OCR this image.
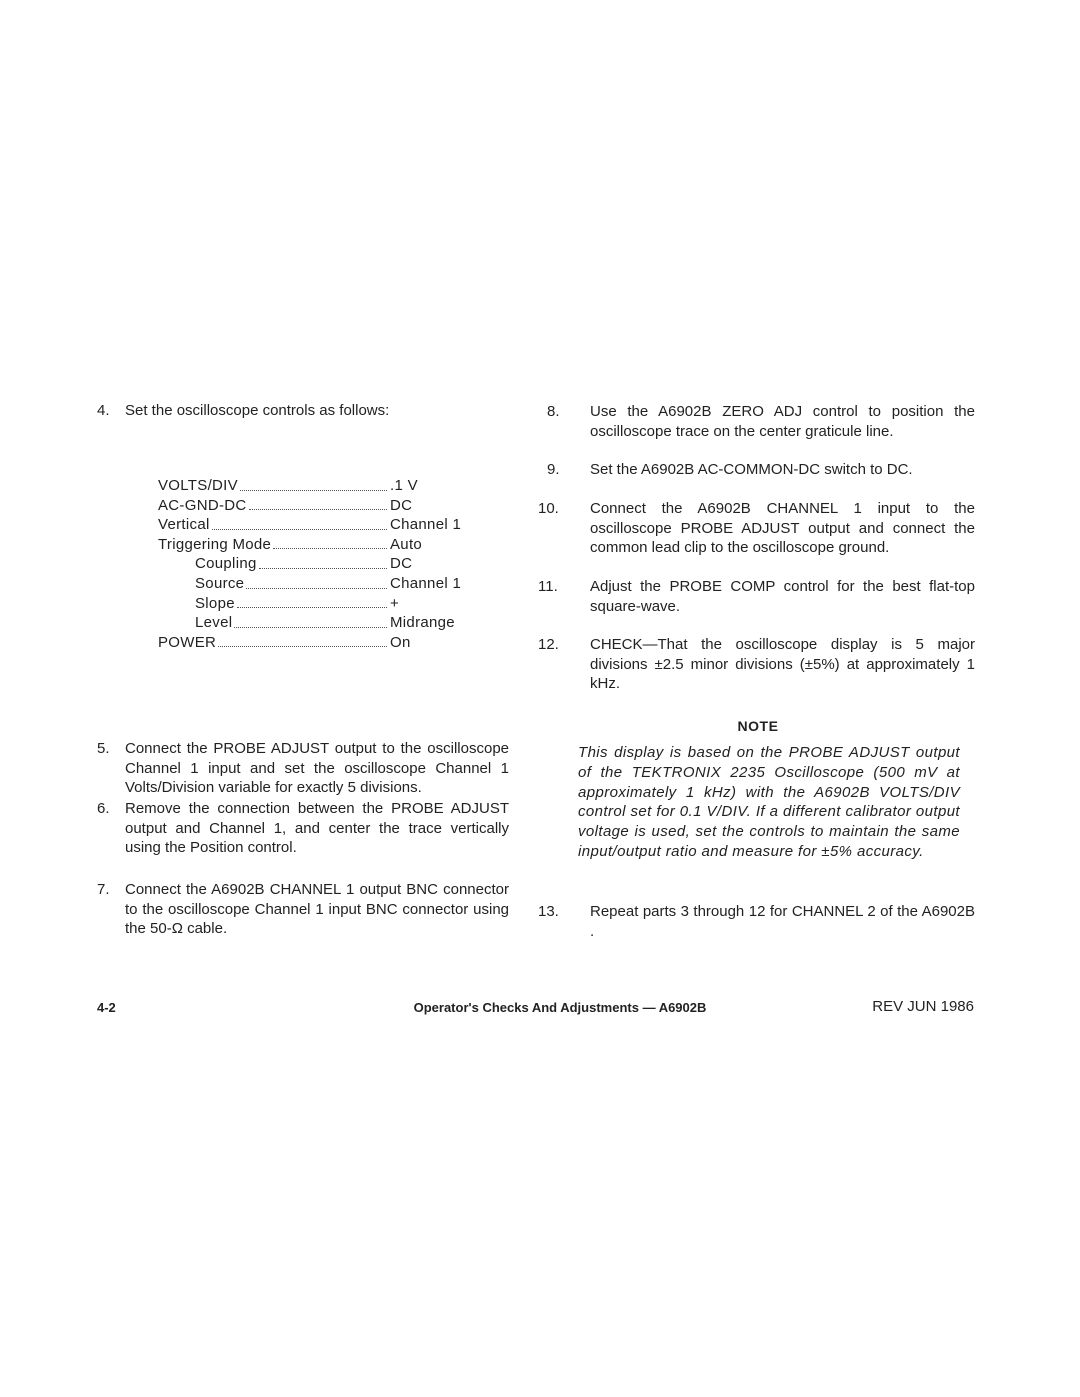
4. Set the oscilloscope controls as follows:
VOLTS/DIV	.1 V
AC-GND-DC	DC
Vertical	Channel 1
Triggering Mode	Auto
Coupling	DC
Source	Channel 1
Slope	+
Level	Midrange
POWER	On
5. Connect the PROBE ADJUST output to the oscilloscope Channel 1 input and set the oscilloscope Channel 1 Volts/Division variable for exactly 5 divisions.
6. Remove the connection between the PROBE ADJUST output and Channel 1, and center the trace vertically using the Position control.
7. Connect the A6902B CHANNEL 1 output BNC connector to the oscilloscope Channel 1 input BNC connector using the 50-Ω cable.
8. Use the A6902B ZERO ADJ control to position the oscilloscope trace on the center graticule line.
9. Set the A6902B AC-COMMON-DC switch to DC.
10. Connect the A6902B CHANNEL 1 input to the oscilloscope PROBE ADJUST output and connect the common lead clip to the oscilloscope ground.
11. Adjust the PROBE COMP control for the best flat-top square-wave.
12. CHECK—That the oscilloscope display is 5 major divisions ±2.5 minor divisions (±5%) at approximately 1 kHz.
NOTE
This display is based on the PROBE ADJUST output of the TEKTRONIX 2235 Oscilloscope (500 mV at approximately 1 kHz) with the A6902B VOLTS/DIV control set for 0.1 V/DIV. If a different calibrator output voltage is used, set the controls to maintain the same input/output ratio and measure for ±5% accuracy.
13. Repeat parts 3 through 12 for CHANNEL 2 of the A6902B .
4-2	Operator's Checks And Adjustments — A6902B	REV JUN 1986
